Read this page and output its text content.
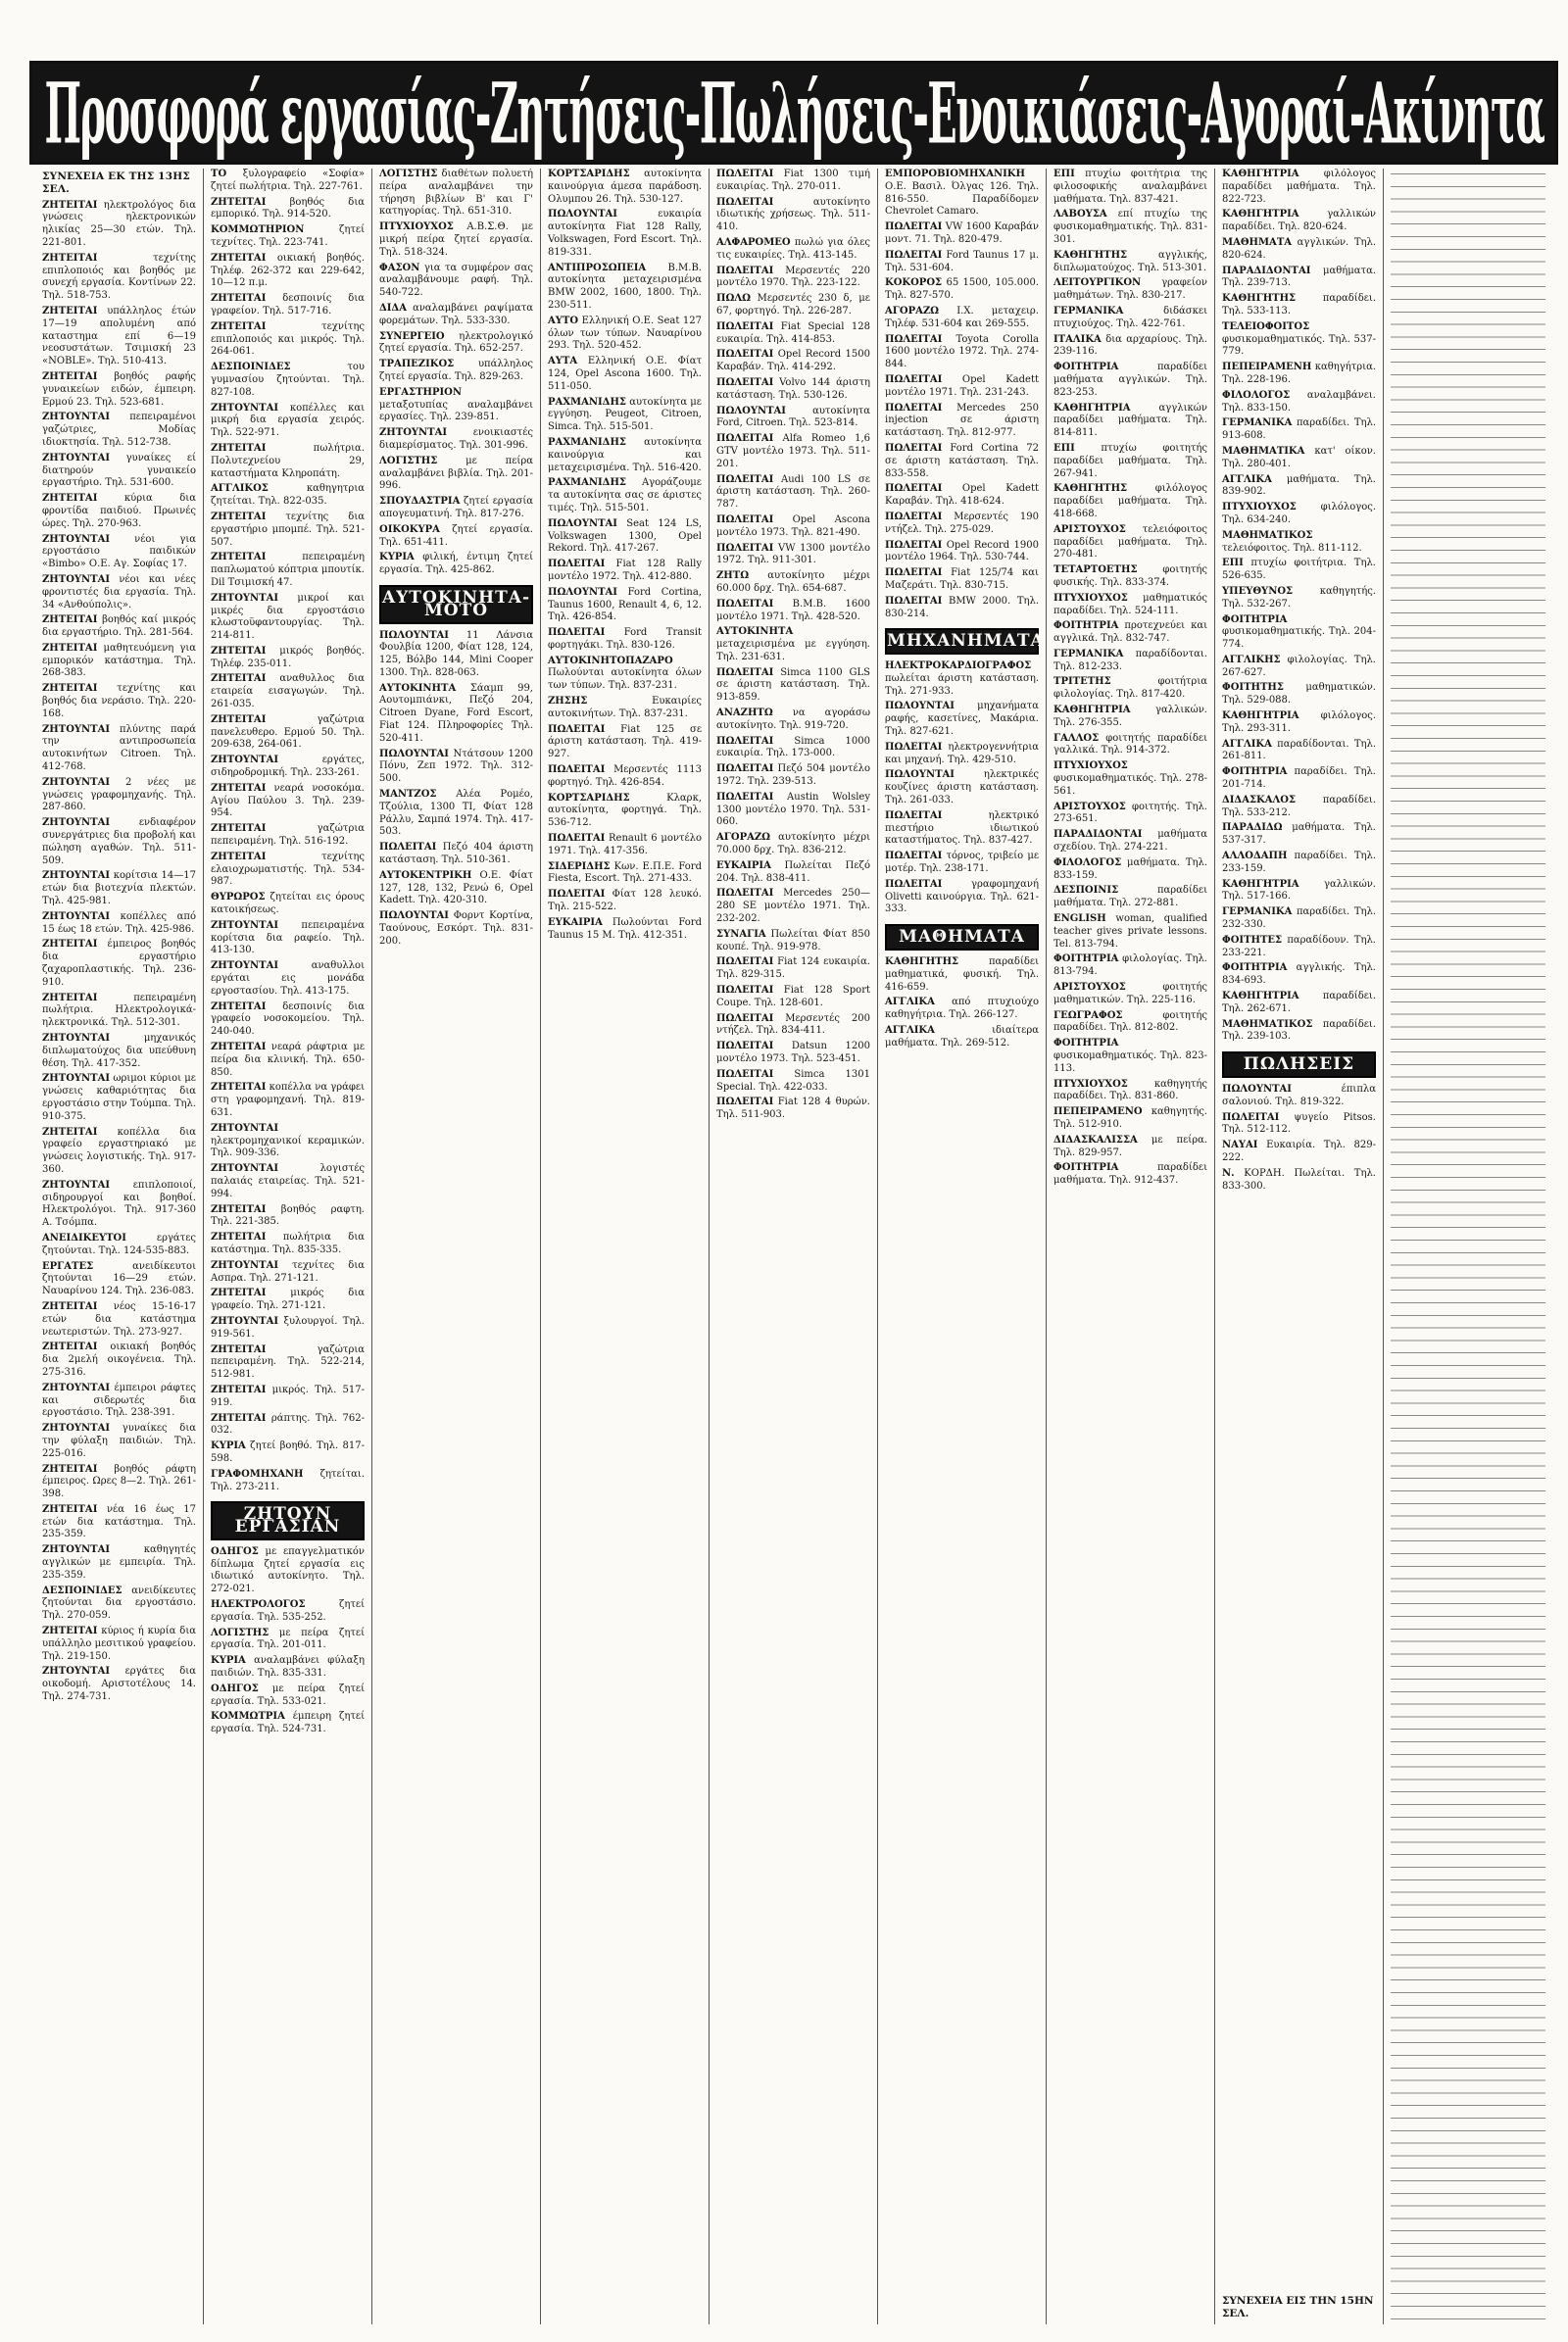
Προσφορά εργασίας-Ζητήσεις-Πωλήσεις-Ενοικιάσεις-Αγοραί-Ακίνητα
ΣΥΝΕΧΕΙΑ ΕΚ ΤΗΣ 13ΗΣ ΣΕΛ.
ΖΗΤΕΙΤΑΙ ηλεκτρολόγος δια γνώσεις ηλεκτρονικών ηλικίας 25—30 ετών. Τηλ. 221-801.
ΖΗΤΕΙΤΑΙ	τεχνίτης επιπλοποιός και βοηθός με συνεχή εργασία. Κοντίνων 22. Τηλ. 518-753.
ΖΗΤΕΙΤΑΙ υπάλληλος έτών 17—19 απολυμένη από καταστημα επί 6—19 νεοσυστάτων. Τσιμισκή 23 «NOBLE». Τηλ. 510-413.
ΖΗΤΕΙΤΑΙ βοηθός ραφής γυναικείων ειδών, έμπειρη. Ερμού 23. Τηλ. 523-681.
ΖΗΤΟΥΝΤΑΙ πεπειραμένοι γαζώτριες, Μοδίας ιδιοκτησία. Τηλ. 512-738.
ΖΗΤΟΥΝΤΑΙ γυναίκες εί διατηρούν γυναικείο εργαστήριο. Τηλ. 531-600.
ΖΗΤΕΙΤΑΙ	κύρια δια φροντίδα παιδιού. Πρωινές ώρες. Τηλ. 270-963.
ΖΗΤΟΥΝΤΑΙ	νέοι για εργοστάσιο παιδικών «Bimbo» Ο.Ε. Αγ. Σοφίας 17.
ΖΗΤΟΥΝΤΑΙ νέοι και νέες φροντιστές δια εργασία. Τηλ. 34 «Ανθούπολις».
ΖΗΤΕΙΤΑΙ βοηθός καί μικρός δια εργαστήριο. Τηλ. 281-564.
ΖΗΤΕΙΤΑΙ μαθητευόμενη για εμπορικόν κατάστημα. Τηλ. 268-383.
ΖΗΤΕΙΤΑΙ τεχνίτης και βοηθός δια νεράσιο. Τηλ. 220-168.
ΖΗΤΟΥΝΤΑΙ πλύντης παρά την αντιπροσωπεία αυτοκινήτων Citroen. Τηλ. 412-768.
ΖΗΤΟΥΝΤΑΙ 2 νέες με γνώσεις γραφομηχανής. Τηλ. 287-860.
ΖΗΤΟΥΝΤΑΙ	ενδιαφέρον συνεργάτριες δια προβολή και πώληση αγαθών. Τηλ. 511-509.
ΖΗΤΟΥΝΤΑΙ κορίτσια 14—17 ετών δια βιοτεχνία πλεκτών. Τηλ. 425-981.
ΖΗΤΟΥΝΤΑΙ κοπέλλες από 15 έως 18 ετών. Τηλ. 425-986.
ΖΗΤΕΙΤΑΙ έμπειρος βοηθός δια εργαστήριο ζαχαροπλαστικής. Τηλ. 236-910.
ΖΗΤΕΙΤΑΙ	πεπειραμένη πωλήτρια. Ηλεκτρολογικά-ηλεκτρονικά. Τηλ. 512-301.
ΖΗΤΟΥΝΤΑΙ	μηχανικός διπλωματούχος δια υπεύθυνη θέση. Τηλ. 417-352.
ΖΗΤΟΥΝΤΑΙ ωριμοι κύριοι με γνώσεις καθαριότητας δια εργοστάσιο στην Τούμπα. Τηλ. 910-375.
ΖΗΤΕΙΤΑΙ κοπέλλα δια γραφείο εργαστηριακό με γνώσεις λογιστικής. Τηλ. 917-360.
ΖΗΤΟΥΝΤΑΙ επιπλοποιοί, σιδηρουργοί και βοηθοί. Ηλεκτρολόγοι. Τηλ. 917-360 Α. Τσόμπα.
ΑΝΕΙΔΙΚΕΥΤΟΙ	εργάτες ζητούνται. Τηλ. 124-535-883.
ΕΡΓΑΤΕΣ	ανειδίκευτοι ζητούνται 16—29 ετών. Ναυαρίνου 124. Τηλ. 236-083.
ΖΗΤΕΙΤΑΙ νέος 15-16-17 ετών δια κατάστημα νεωτεριστών. Τηλ. 273-927.
ΖΗΤΕΙΤΑΙ οικιακή βοηθός δια 2μελή οικογένεια. Τηλ. 275-316.
ΖΗΤΟΥΝΤΑΙ έμπειροι ράφτες και σιδερωτές δια εργοστάσιο. Τηλ. 238-391.
ΖΗΤΟΥΝΤΑΙ γυναίκες δια την φύλαξη παιδιών. Τηλ. 225-016.
ΖΗΤΕΙΤΑΙ βοηθός ράφτη έμπειρος. Ωρες 8—2. Τηλ. 261-398.
ΖΗΤΕΙΤΑΙ νέα 16 έως 17 ετών δια κατάστημα. Τηλ. 235-359.
ΖΗΤΟΥΝΤΑΙ	καθηγητές αγγλικών με εμπειρία. Τηλ. 235-359.
ΔΕΣΠΟΙΝΙΔΕΣ ανειδίκευτες ζητούνται δια εργοστάσιο. Τηλ. 270-059.
ΖΗΤΕΙΤΑΙ κύριος ή κυρία δια υπάλληλο μεσιτικού γραφείου. Τηλ. 219-150.
ΖΗΤΟΥΝΤΑΙ εργάτες δια οικοδομή. Αριστοτέλους 14. Τηλ. 274-731.
ΤΟ ξυλογραφείο «Σοφία» ζητεί πωλήτρια. Τηλ. 227-761.
ΖΗΤΕΙΤΑΙ βοηθός δια εμπορικό. Τηλ. 914-520.
ΚΟΜΜΩΤΗΡΙΟΝ	ζητεί τεχνίτες. Τηλ. 223-741.
ΖΗΤΕΙΤΑΙ οικιακή βοηθός. Τηλέφ. 262-372 και 229-642, 10—12 π.μ.
ΖΗΤΕΙΤΑΙ δεσποινίς δια γραφείον. Τηλ. 517-716.
ΖΗΤΕΙΤΑΙ	τεχνίτης επιπλοποιός και μικρός. Τηλ. 264-061.
ΔΕΣΠΟΙΝΙΔΕΣ	του γυμνασίου ζητούνται. Τηλ. 827-108.
ΖΗΤΟΥΝΤΑΙ κοπέλλες και μικρή δια εργασία χειρός. Τηλ. 522-971.
ΖΗΤΕΙΤΑΙ	πωλήτρια. Πολυτεχνείου 29, καταστήματα Κληροπάτη.
ΑΓΓΛΙΚΟΣ	καθηγητρια ζητείται. Τηλ. 822-035.
ΖΗΤΕΙΤΑΙ τεχνίτης δια εργαστήριο μπομπέ. Τηλ. 521-507.
ΖΗΤΕΙΤΑΙ	πεπειραμένη παπλωματού κόπτρια μπουτίκ. Dil Τσιμισκή 47.
ΖΗΤΟΥΝΤΑΙ μικροί και μικρές δια εργοστάσιο κλωστοϋφαντουργίας. Τηλ. 214-811.
ΖΗΤΕΙΤΑΙ μικρός βοηθός. Τηλέφ. 235-011.
ΖΗΤΕΙΤΑΙ αναθυλλος δια εταιρεία εισαγωγών. Τηλ. 261-035.
ΖΗΤΕΙΤΑΙ	γαζώτρια πανελευθερο. Ερμού 50. Τηλ. 209-638, 264-061.
ΖΗΤΟΥΝΤΑΙ	εργάτες, σιδηροδρομική. Τηλ. 233-261.
ΖΗΤΕΙΤΑΙ νεαρά νοσοκόμα. Αγίου Παύλου 3. Τηλ. 239-954.
ΖΗΤΕΙΤΑΙ	γαζώτρια πεπειραμένη. Τηλ. 516-192.
ΖΗΤΕΙΤΑΙ	τεχνίτης ελαιοχρωματιστής. Τηλ. 534-987.
ΘΥΡΩΡΟΣ ζητείται εις όρους κατοικήσεως.
ΖΗΤΟΥΝΤΑΙ πεπειραμένα κορίτσια δια ραφείο. Τηλ. 413-130.
ΖΗΤΟΥΝΤΑΙ	αναθυλλοι εργάται εις μονάδα εργοστασίου. Τηλ. 413-175.
ΖΗΤΕΙΤΑΙ δεσποινίς δια γραφείο νοσοκομείου. Τηλ. 240-040.
ΖΗΤΕΙΤΑΙ νεαρά ράφτρια με πείρα δια κλινική. Τηλ. 650-850.
ΖΗΤΕΙΤΑΙ κοπέλλα να γράφει στη γραφομηχανή. Τηλ. 819-631.
ΖΗΤΟΥΝΤΑΙ ηλεκτρομηχανικοί κεραμικών. Τηλ. 909-336.
ΖΗΤΟΥΝΤΑΙ	λογιστές παλαιάς εταιρείας. Τηλ. 521-994.
ΖΗΤΕΙΤΑΙ βοηθός ραφτη. Τηλ. 221-385.
ΖΗΤΕΙΤΑΙ πωλήτρια δια κατάστημα. Τηλ. 835-335.
ΖΗΤΟΥΝΤΑΙ τεχνίτες δια Ασπρα. Τηλ. 271-121.
ΖΗΤΕΙΤΑΙ μικρός δια γραφείο. Τηλ. 271-121.
ΖΗΤΟΥΝΤΑΙ ξυλουργοί. Τηλ. 919-561.
ΖΗΤΕΙΤΑΙ	γαζώτρια πεπειραμένη. Τηλ. 522-214, 512-981.
ΖΗΤΕΙΤΑΙ μικρός. Τηλ. 517-919.
ΖΗΤΕΙΤΑΙ ράπτης. Τηλ. 762-032.
ΚΥΡΙΑ ζητεί βοηθό. Τηλ. 817-598.
ΓΡΑΦΟΜΗΧΑΝΗ ζητείται. Τηλ. 273-211.
ΖΗΤΟΥΝ ΕΡΓΑΣΙΑΝ
ΟΔΗΓΟΣ με επαγγελματικόν δίπλωμα ζητεί εργασία εις ιδιωτικό αυτοκίνητο. Τηλ. 272-021.
ΗΛΕΚΤΡΟΛΟΓΟΣ	ζητεί εργασία. Τηλ. 535-252.
ΛΟΓΙΣΤΗΣ με πείρα ζητεί εργασία. Τηλ. 201-011.
ΚΥΡΙΑ αναλαμβάνει φύλαξη παιδιών. Τηλ. 835-331.
ΟΔΗΓΟΣ με πείρα ζητεί εργασία. Τηλ. 533-021.
ΚΟΜΜΩΤΡΙΑ έμπειρη ζητεί εργασία. Τηλ. 524-731.
ΛΟΓΙΣΤΗΣ διαθέτων πολυετή πείρα αναλαμβάνει την τήρηση βιβλίων Β' και Γ' κατηγορίας. Τηλ. 651-310.
ΠΤΥΧΙΟΥΧΟΣ Α.Β.Σ.Θ. με μικρή πείρα ζητεί εργασία. Τηλ. 518-324.
ΦΑΣΟΝ για τα συμφέρον σας αναλαμβάνουμε ραφή. Τηλ. 540-722.
ΔΙΔΑ αναλαμβάνει ραψίματα φορεμάτων. Τηλ. 533-330.
ΣΥΝΕΡΓΕΙΟ ηλεκτρολογικό ζητεί εργασία. Τηλ. 652-257.
ΤΡΑΠΕΖΙΚΟΣ υπάλληλος ζητεί εργασία. Τηλ. 829-263.
ΕΡΓΑΣΤΗΡΙΟΝ μεταξοτυπίας αναλαμβάνει εργασίες. Τηλ. 239-851.
ΖΗΤΟΥΝΤΑΙ	ενοικιαστές διαμερίσματος. Τηλ. 301-996.
ΛΟΓΙΣΤΗΣ	με πείρα αναλαμβάνει βιβλία. Τηλ. 201-996.
ΣΠΟΥΔΑΣΤΡΙΑ ζητεί εργασία απογευματινή. Τηλ. 817-276.
ΟΙΚΟΚΥΡΑ ζητεί εργασία. Τηλ. 651-411.
ΚΥΡΙΑ φιλική, έντιμη ζητεί εργασία. Τηλ. 425-862.
ΑΥΤΟΚΙΝΗΤΑ-ΜΟΤΟ
ΠΩΛΟΥΝΤΑΙ 11 Λάνσια Φουλβία 1200, Φίατ 128, 124, 125, Βόλβο 144, Mini Cooper 1300. Τηλ. 828-063.
ΑΥΤΟΚΙΝΗΤΑ Σάαμπ 99, Αουτομπιάνκι, Πεζό 204, Citroen Dyane, Ford Escort, Fiat 124. Πληροφορίες Τηλ. 520-411.
ΠΩΛΟΥΝΤΑΙ Ντάτσουν 1200 Πόνυ, Ζεπ 1972. Τηλ. 312-500.
ΜΑΝΤΖΟΣ Αλέα Ρομέο, Τζούλια, 1300 ΤΙ, Φίατ 128 Ράλλυ, Σαμπά 1974. Τηλ. 417-503.
ΠΩΛΕΙΤΑΙ Πεζό 404 άριστη κατάσταση. Τηλ. 510-361.
ΑΥΤΟΚΕΝΤΡΙΚΗ Ο.Ε. Φίατ 127, 128, 132, Ρενώ 6, Opel Kadett. Τηλ. 420-310.
ΠΩΛΟΥΝΤΑΙ Φορντ Κορτίνα, Ταούνους, Εσκόρτ. Τηλ. 831-200.
ΚΟΡΤΣΑΡΙΔΗΣ αυτοκίνητα καινούργια άμεσα παράδοση. Ολυμπου 26. Τηλ. 530-127.
ΠΩΛΟΥΝΤΑΙ	ευκαιρία αυτοκίνητα Fiat 128 Rally, Volkswagen, Ford Escort. Τηλ. 819-331.
ΑΝΤΙΠΡΟΣΩΠΕΙΑ Β.Μ.Β. αυτοκίνητα μεταχειρισμένα BMW 2002, 1600, 1800. Τηλ. 230-511.
ΑΥΤΟ Ελληνική Ο.Ε. Seat 127 όλων των τύπων. Ναυαρίνου 293. Τηλ. 520-452.
ΑΥΤΑ Ελληνική Ο.Ε. Φίατ 124, Opel Ascona 1600. Τηλ. 511-050.
ΡΑΧΜΑΝΙΔΗΣ αυτοκίνητα με εγγύηση. Peugeot, Citroen, Simca. Τηλ. 515-501.
ΡΑΧΜΑΝΙΔΗΣ αυτοκίνητα καινούργια και μεταχειρισμένα. Τηλ. 516-420.
ΡΑΧΜΑΝΙΔΗΣ Αγοράζουμε τα αυτοκίνητα σας σε άριστες τιμές. Τηλ. 515-501.
ΠΩΛΟΥΝΤΑΙ Seat 124 LS, Volkswagen 1300, Opel Rekord. Τηλ. 417-267.
ΠΩΛΕΙΤΑΙ Fiat 128 Rally μοντέλο 1972. Τηλ. 412-880.
ΠΩΛΟΥΝΤΑΙ Ford Cortina, Taunus 1600, Renault 4, 6, 12. Τηλ. 426-854.
ΠΩΛΕΙΤΑΙ Ford Transit φορτηγάκι. Τηλ. 830-126.
ΑΥΤΟΚΙΝΗΤΟΠΑΖΑΡΟ Πωλούνται αυτοκίνητα όλων των τύπων. Τηλ. 837-231.
ΖΗΣΗΣ	Ευκαιρίες αυτοκινήτων. Τηλ. 837-231.
ΠΩΛΕΙΤΑΙ Fiat 125 σε άριστη κατάσταση. Τηλ. 419-927.
ΠΩΛΕΙΤΑΙ Μερσεντές 1113 φορτηγό. Τηλ. 426-854.
ΚΟΡΤΣΑΡΙΔΗΣ	Κλαρκ, αυτοκίνητα, φορτηγά. Τηλ. 536-712.
ΠΩΛΕΙΤΑΙ Renault 6 μοντέλο 1971. Τηλ. 417-356.
ΣΙΔΕΡΙΔΗΣ Κων. Ε.Π.Ε. Ford Fiesta, Escort. Τηλ. 271-433.
ΠΩΛΕΙΤΑΙ Φίατ 128 λευκό. Τηλ. 215-522.
ΕΥΚΑΙΡΙΑ Πωλούνται Ford Taunus 15 Μ. Τηλ. 412-351.
ΠΩΛΕΙΤΑΙ Fiat 1300 τιμή ευκαιρίας. Τηλ. 270-011.
ΠΩΛΕΙΤΑΙ	αυτοκίνητο ιδιωτικής χρήσεως. Τηλ. 511-410.
ΑΛΦΑΡΟΜΕΟ πωλώ για όλες τις ευκαιρίες. Τηλ. 413-145.
ΠΩΛΕΙΤΑΙ Μερσεντές 220 μοντέλο 1970. Τηλ. 223-122.
ΠΩΛΩ Μερσεντές 230 δ, με 67, φορτηγό. Τηλ. 226-287.
ΠΩΛΕΙΤΑΙ Fiat Special 128 ευκαιρία. Τηλ. 414-853.
ΠΩΛΕΙΤΑΙ Opel Record 1500 Καραβάν. Τηλ. 414-292.
ΠΩΛΕΙΤΑΙ Volvo 144 άριστη κατάσταση. Τηλ. 530-126.
ΠΩΛΟΥΝΤΑΙ	αυτοκίνητα Ford, Citroen. Τηλ. 523-814.
ΠΩΛΕΙΤΑΙ Alfa Romeo 1,6 GTV μοντέλο 1973. Τηλ. 511-201.
ΠΩΛΕΙΤΑΙ Audi 100 LS σε άριστη κατάσταση. Τηλ. 260-787.
ΠΩΛΕΙΤΑΙ Opel Ascona μοντέλο 1973. Τηλ. 821-490.
ΠΩΛΕΙΤΑΙ VW 1300 μοντέλο 1972. Τηλ. 911-301.
ΖΗΤΩ αυτοκίνητο μέχρι 60.000 δρχ. Τηλ. 654-687.
ΠΩΛΕΙΤΑΙ Β.Μ.Β. 1600 μοντέλο 1971. Τηλ. 428-520.
ΑΥΤΟΚΙΝΗΤΑ μεταχειρισμένα με εγγύηση. Τηλ. 231-631.
ΠΩΛΕΙΤΑΙ Simca 1100 GLS σε άριστη κατάσταση. Τηλ. 913-859.
ΑΝΑΖΗΤΩ να αγοράσω αυτοκίνητο. Τηλ. 919-720.
ΠΩΛΕΙΤΑΙ Simca 1000 ευκαιρία. Τηλ. 173-000.
ΠΩΛΕΙΤΑΙ Πεζό 504 μοντέλο 1972. Τηλ. 239-513.
ΠΩΛΕΙΤΑΙ Austin Wolsley 1300 μοντέλο 1970. Τηλ. 531-060.
ΑΓΟΡΑΖΩ αυτοκίνητο μέχρι 70.000 δρχ. Τηλ. 836-212.
ΕΥΚΑΙΡΙΑ Πωλείται Πεζό 204. Τηλ. 838-411.
ΠΩΛΕΙΤΑΙ Mercedes 250—280 SE μοντέλο 1971. Τηλ. 232-202.
ΣΥΝΑΓΙΑ Πωλείται Φίατ 850 κουπέ. Τηλ. 919-978.
ΠΩΛΕΙΤΑΙ Fiat 124 ευκαιρία. Τηλ. 829-315.
ΠΩΛΕΙΤΑΙ Fiat 128 Sport Coupe. Τηλ. 128-601.
ΠΩΛΕΙΤΑΙ Μερσεντές 200 ντήζελ. Τηλ. 834-411.
ΠΩΛΕΙΤΑΙ Datsun 1200 μοντέλο 1973. Τηλ. 523-451.
ΠΩΛΕΙΤΑΙ Simca 1301 Special. Τηλ. 422-033.
ΠΩΛΕΙΤΑΙ Fiat 128 4 θυρών. Τηλ. 511-903.
ΕΜΠΟΡΟΒΙΟΜΗΧΑΝΙΚΗ Ο.Ε. Βασιλ. Όλγας 126. Τηλ. 816-550. Παραδίδομεν Chevrolet Camaro.
ΠΩΛΕΙΤΑΙ VW 1600 Καραβάν μοντ. 71. Τηλ. 820-479.
ΠΩΛΕΙΤΑΙ Ford Taunus 17 μ. Τηλ. 531-604.
ΚΟΚΟΡΟΣ 65 1500, 105.000. Τηλ. 827-570.
ΑΓΟΡΑΖΩ Ι.Χ. μεταχειρ. Τηλέφ. 531-604 και 269-555.
ΠΩΛΕΙΤΑΙ Toyota Corolla 1600 μοντέλο 1972. Τηλ. 274-844.
ΠΩΛΕΙΤΑΙ Opel Kadett μοντέλο 1971. Τηλ. 231-243.
ΠΩΛΕΙΤΑΙ Mercedes 250 injection σε άριστη κατάσταση. Τηλ. 812-977.
ΠΩΛΕΙΤΑΙ Ford Cortina 72 σε άριστη κατάσταση. Τηλ. 833-558.
ΠΩΛΕΙΤΑΙ Opel Kadett Καραβάν. Τηλ. 418-624.
ΠΩΛΕΙΤΑΙ Μερσεντές 190 ντήζελ. Τηλ. 275-029.
ΠΩΛΕΙΤΑΙ Opel Record 1900 μοντέλο 1964. Τηλ. 530-744.
ΠΩΛΕΙΤΑΙ Fiat 125/74 και Μαζεράτι. Τηλ. 830-715.
ΠΩΛΕΙΤΑΙ BMW 2000. Τηλ. 830-214.
ΜΗΧΑΝΗΜΑΤΑ
ΗΛΕΚΤΡΟΚΑΡΔΙΟΓΡΑΦΟΣ πωλείται άριστη κατάσταση. Τηλ. 271-933.
ΠΩΛΟΥΝΤΑΙ μηχανήματα ραφής, κασετίνες, Μακάρια. Τηλ. 827-621.
ΠΩΛΕΙΤΑΙ ηλεκτρογεννήτρια και μηχανή. Τηλ. 429-510.
ΠΩΛΟΥΝΤΑΙ	ηλεκτρικές κουζίνες άριστη κατάσταση. Τηλ. 261-033.
ΠΩΛΕΙΤΑΙ	ηλεκτρικό πιεστήριο ιδιωτικού καταστήματος. Τηλ. 837-427.
ΠΩΛΕΙΤΑΙ τόρνος, τριβείο με μοτέρ. Τηλ. 238-171.
ΠΩΛΕΙΤΑΙ	γραφομηχανή Olivetti καινούργια. Τηλ. 621-333.
ΜΑΘΗΜΑΤΑ
ΚΑΘΗΓΗΤΗΣ	παραδίδει μαθηματικά, φυσική. Τηλ. 416-659.
ΑΓΓΛΙΚΑ από πτυχιούχο καθηγήτρια. Τηλ. 266-127.
ΑΓΓΛΙΚΑ	ιδιαίτερα μαθήματα. Τηλ. 269-512.
ΕΠΙ πτυχίω φοιτήτρια της φιλοσοφικής αναλαμβάνει μαθήματα. Τηλ. 837-421.
ΛΑΒΟΥΣΑ επί πτυχίω της φυσικομαθηματικής. Τηλ. 831-301.
ΚΑΘΗΓΗΤΗΣ	αγγλικής, διπλωματούχος. Τηλ. 513-301.
ΛΕΙΤΟΥΡΓΙΚΟΝ γραφείον μαθημάτων. Τηλ. 830-217.
ΓΕΡΜΑΝΙΚΑ	διδάσκει πτυχιούχος. Τηλ. 422-761.
ΙΤΑΛΙΚΑ δια αρχαρίους. Τηλ. 239-116.
ΦΟΙΤΗΤΡΙΑ	παραδίδει μαθήματα αγγλικών. Τηλ. 823-253.
ΚΑΘΗΓΗΤΡΙΑ	αγγλικών παραδίδει μαθήματα. Τηλ. 814-811.
ΕΠΙ	πτυχίω φοιτητής παραδίδει μαθήματα. Τηλ. 267-941.
ΚΑΘΗΓΗΤΗΣ	φιλόλογος παραδίδει μαθήματα. Τηλ. 418-668.
ΑΡΙΣΤΟΥΧΟΣ τελειόφοιτος παραδίδει μαθήματα. Τηλ. 270-481.
ΤΕΤΑΡΤΟΕΤΗΣ	φοιτητής φυσικής. Τηλ. 833-374.
ΠΤΥΧΙΟΥΧΟΣ μαθηματικός παραδίδει. Τηλ. 524-111.
ΦΟΙΤΗΤΡΙΑ προτεχνεύει και αγγλικά. Τηλ. 832-747.
ΓΕΡΜΑΝΙΚΑ παραδίδονται. Τηλ. 812-233.
ΤΡΙΤΕΤΗΣ	φοιτήτρια φιλολογίας. Τηλ. 817-420.
ΚΑΘΗΓΗΤΡΙΑ	γαλλικών. Τηλ. 276-355.
ΓΑΛΛΟΣ φοιτητής παραδίδει γαλλικά. Τηλ. 914-372.
ΠΤΥΧΙΟΥΧΟΣ φυσικομαθηματικός. Τηλ. 278-561.
ΑΡΙΣΤΟΥΧΟΣ φοιτητής. Τηλ. 273-651.
ΠΑΡΑΔΙΔΟΝΤΑΙ μαθήματα σχεδίου. Τηλ. 274-221.
ΦΙΛΟΛΟΓΟΣ μαθήματα. Τηλ. 833-159.
ΔΕΣΠΟΙΝΙΣ	παραδίδει μαθήματα. Τηλ. 272-881.
ENGLISH woman, qualified teacher gives private lessons. Tel. 813-794.
ΦΟΙΤΗΤΡΙΑ φιλολογίας. Τηλ. 813-794.
ΑΡΙΣΤΟΥΧΟΣ	φοιτητής μαθηματικών. Τηλ. 225-116.
ΓΕΩΓΡΑΦΟΣ	φοιτητής παραδίδει. Τηλ. 812-802.
ΦΟΙΤΗΤΡΙΑ φυσικομαθηματικός. Τηλ. 823-113.
ΠΤΥΧΙΟΥΧΟΣ	καθηγητής παραδίδει. Τηλ. 831-860.
ΠΕΠΕΙΡΑΜΕΝΟ καθηγητής. Τηλ. 512-910.
ΔΙΔΑΣΚΑΛΙΣΣΑ με πείρα. Τηλ. 829-957.
ΦΟΙΤΗΤΡΙΑ	παραδίδει μαθήματα. Τηλ. 912-437.
ΚΑΘΗΓΗΤΡΙΑ	φιλόλογος παραδίδει μαθήματα. Τηλ. 822-723.
ΚΑΘΗΓΗΤΡΙΑ	γαλλικών παραδίδει. Τηλ. 820-624.
ΜΑΘΗΜΑΤΑ αγγλικών. Τηλ. 820-624.
ΠΑΡΑΔΙΔΟΝΤΑΙ μαθήματα. Τηλ. 239-713.
ΚΑΘΗΓΗΤΗΣ	παραδίδει. Τηλ. 533-113.
ΤΕΛΕΙΟΦΟΙΤΟΣ φυσικομαθηματικός. Τηλ. 537-779.
ΠΕΠΕΙΡΑΜΕΝΗ καθηγήτρια. Τηλ. 228-196.
ΦΙΛΟΛΟΓΟΣ αναλαμβάνει. Τηλ. 833-150.
ΓΕΡΜΑΝΙΚΑ παραδίδει. Τηλ. 913-608.
ΜΑΘΗΜΑΤΙΚΑ κατ' οίκον. Τηλ. 280-401.
ΑΓΓΛΙΚΑ μαθήματα. Τηλ. 839-902.
ΠΤΥΧΙΟΥΧΟΣ φιλόλογος. Τηλ. 634-240.
ΜΑΘΗΜΑΤΙΚΟΣ τελειόφοιτος. Τηλ. 811-112.
ΕΠΙ πτυχίω φοιτήτρια. Τηλ. 526-635.
ΥΠΕΥΘΥΝΟΣ	καθηγητής. Τηλ. 532-267.
ΦΟΙΤΗΤΡΙΑ φυσικομαθηματικής. Τηλ. 204-774.
ΑΓΓΛΙΚΗΣ φιλολογίας. Τηλ. 267-627.
ΦΟΙΤΗΤΗΣ μαθηματικών. Τηλ. 529-088.
ΚΑΘΗΓΗΤΡΙΑ φιλόλογος. Τηλ. 293-311.
ΑΓΓΛΙΚΑ παραδίδονται. Τηλ. 261-811.
ΦΟΙΤΗΤΡΙΑ παραδίδει. Τηλ. 201-714.
ΔΙΔΑΣΚΑΛΟΣ	παραδίδει. Τηλ. 533-212.
ΠΑΡΑΔΙΔΩ μαθήματα. Τηλ. 537-317.
ΑΛΛΟΔΑΠΗ παραδίδει. Τηλ. 233-159.
ΚΑΘΗΓΗΤΡΙΑ	γαλλικών. Τηλ. 517-166.
ΓΕΡΜΑΝΙΚΑ παραδίδει. Τηλ. 232-330.
ΦΟΙΤΗΤΕΣ παραδίδουν. Τηλ. 233-221.
ΦΟΙΤΗΤΡΙΑ αγγλικής. Τηλ. 834-693.
ΚΑΘΗΓΗΤΡΙΑ παραδίδει. Τηλ. 262-671.
ΜΑΘΗΜΑΤΙΚΟΣ παραδίδει. Τηλ. 239-103.
ΠΩΛΗΣΕΙΣ
ΠΩΛΟΥΝΤΑΙ	έπιπλα σαλονιού. Τηλ. 819-322.
ΠΩΛΕΙΤΑΙ ψυγείο Pitsos. Τηλ. 512-112.
ΝΑΥΑΙ Ευκαιρία. Τηλ. 829-222.
Ν. ΚΟΡΔΗ. Πωλείται. Τηλ. 833-300.
ΣΥΝΕΧΕΙΑ ΕΙΣ ΤΗΝ 15ΗΝ ΣΕΛ.
